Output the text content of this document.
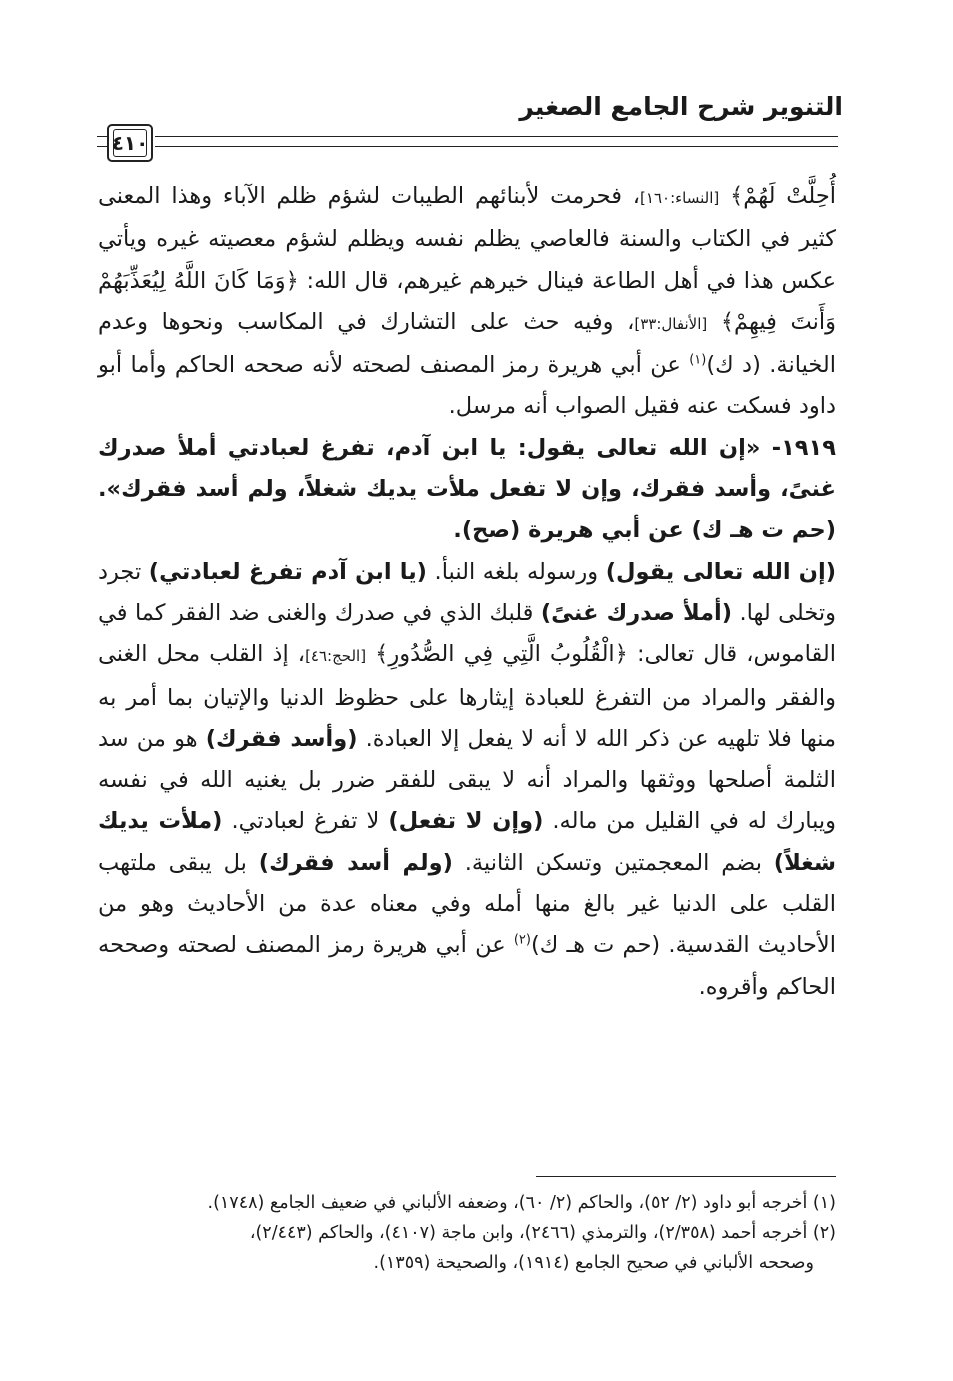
التنوير شرح الجامع الصغير
٤١٠

أُحِلَّتْ لَهُمْ﴾ [النساء:١٦٠]، فحرمت لأبنائهم الطيبات لشؤم ظلم الآباء وهذا المعنى كثير في الكتاب والسنة فالعاصي يظلم نفسه ويظلم لشؤم معصيته غيره ويأتي عكس هذا في أهل الطاعة فينال خيرهم غيرهم، قال الله: ﴿وَمَا كَانَ اللَّهُ لِيُعَذِّبَهُمْ وَأَنتَ فِيهِمْ﴾ [الأنفال:٣٣]، وفيه حث على التشارك في المكاسب ونحوها وعدم الخيانة. (د ك)$^{(١)}$ عن أبي هريرة رمز المصنف لصحته لأنه صححه الحاكم وأما أبو داود فسكت عنه فقيل الصواب أنه مرسل.

١٩١٩- «إن الله تعالى يقول: يا ابن آدم، تفرغ لعبادتي أملأ صدرك غنىً، وأسد فقرك، وإن لا تفعل ملأت يديك شغلاً، ولم أسد فقرك». (حم ت هـ ك) عن أبي هريرة (صح).

(إن الله تعالى يقول) ورسوله بلغه النبأ. (يا ابن آدم تفرغ لعبادتي) تجرد وتخلى لها. (أملأ صدرك غنىً) قلبك الذي في صدرك والغنى ضد الفقر كما في القاموس، قال تعالى: ﴿الْقُلُوبُ الَّتِي فِي الصُّدُورِ﴾ [الحج:٤٦]، إذ القلب محل الغنى والفقر والمراد من التفرغ للعبادة إيثارها على حظوظ الدنيا والإتيان بما أمر به منها فلا تلهيه عن ذكر الله لا أنه لا يفعل إلا العبادة. (وأسد فقرك) هو من سد الثلمة أصلحها ووثقها والمراد أنه لا يبقى للفقر ضرر بل يغنيه الله في نفسه ويبارك له في القليل من ماله. (وإن لا تفعل) لا تفرغ لعبادتي. (ملأت يديك شغلاً) بضم المعجمتين وتسكن الثانية. (ولم أسد فقرك) بل يبقى ملتهب القلب على الدنيا غير بالغ منها أمله وفي معناه عدة من الأحاديث وهو من الأحاديث القدسية. (حم ت هـ ك)$^{(٢)}$ عن أبي هريرة رمز المصنف لصحته وصححه الحاكم وأقروه.

(١) أخرجه أبو داود (٢/ ٥٢)، والحاكم (٢/ ٦٠)، وضعفه الألباني في ضعيف الجامع (١٧٤٨).

(٢) أخرجه أحمد (٢/٣٥٨)، والترمذي (٢٤٦٦)، وابن ماجة (٤١٠٧)، والحاكم (٢/٤٤٣)،

وصححه الألباني في صحيح الجامع (١٩١٤)، والصحيحة (١٣٥٩).
